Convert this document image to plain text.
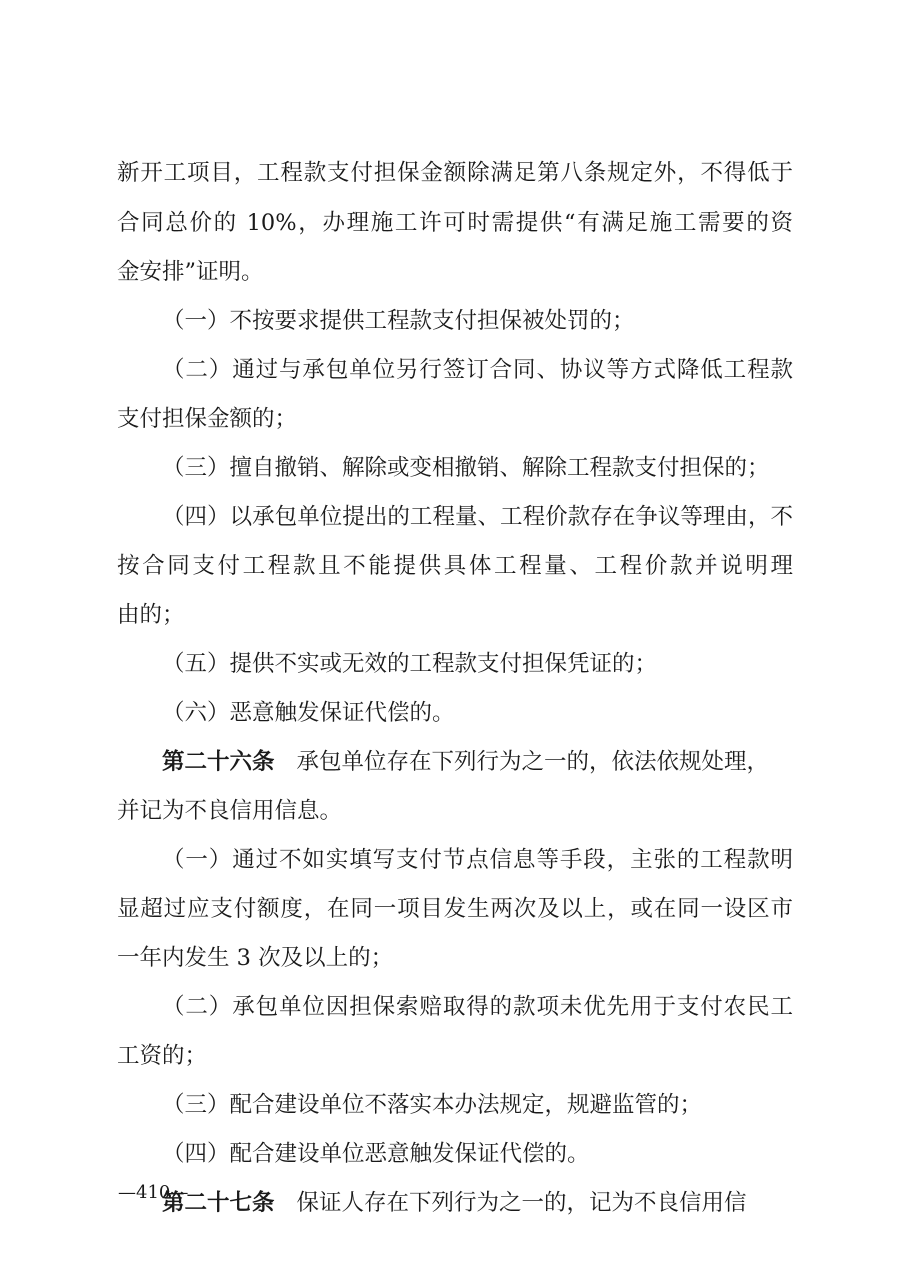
新开工项目，工程款支付担保金额除满足第八条规定外，不得低于
合同总价的 10%，办理施工许可时需提供“有满足施工需要的资
金安排”证明。
（一）不按要求提供工程款支付担保被处罚的；
（二）通过与承包单位另行签订合同、协议等方式降低工程款
支付担保金额的；
（三）擅自撤销、解除或变相撤销、解除工程款支付担保的；
（四）以承包单位提出的工程量、工程价款存在争议等理由，不
按合同支付工程款且不能提供具体工程量、工程价款并说明理
由的；
（五）提供不实或无效的工程款支付担保凭证的；
（六）恶意触发保证代偿的。
第二十六条 承包单位存在下列行为之一的，依法依规处理，
并记为不良信用信息。
（一）通过不如实填写支付节点信息等手段，主张的工程款明
显超过应支付额度，在同一项目发生两次及以上，或在同一设区市
一年内发生 3 次及以上的；
（二）承包单位因担保索赔取得的款项未优先用于支付农民工
工资的；
（三）配合建设单位不落实本办法规定，规避监管的；
（四）配合建设单位恶意触发保证代偿的。
第二十七条 保证人存在下列行为之一的，记为不良信用信
—410—
